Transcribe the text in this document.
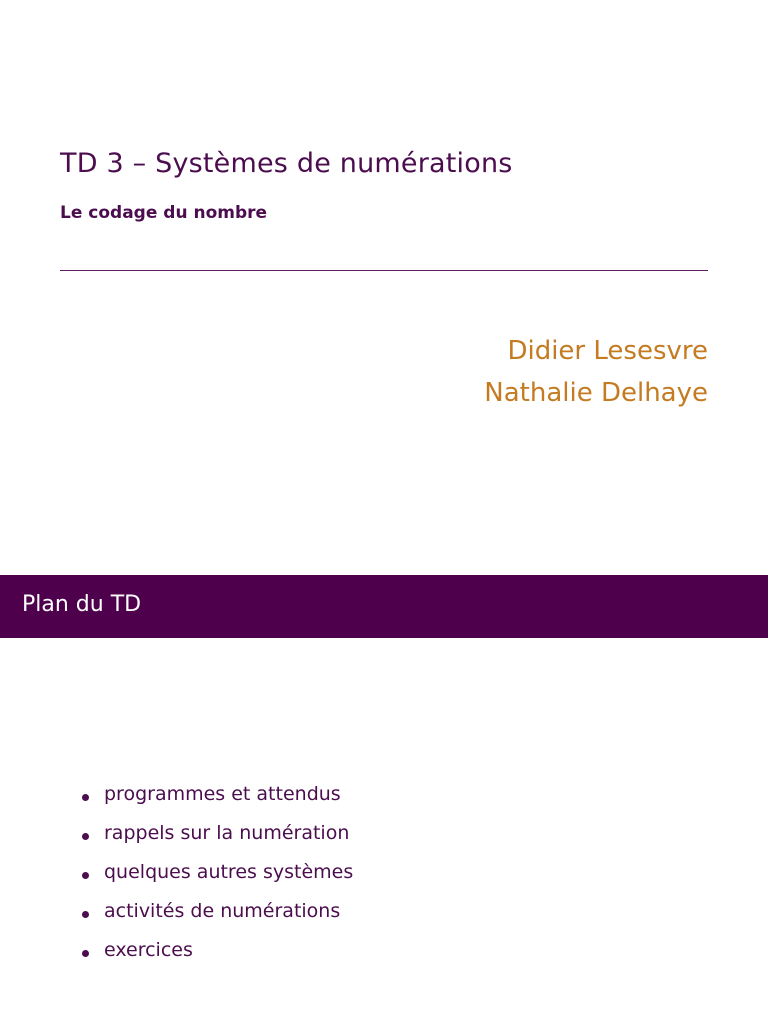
TD 3 – Systèmes de numérations
Le codage du nombre
Didier Lesesvre
Nathalie Delhaye
Plan du TD
programmes et attendus
rappels sur la numération
quelques autres systèmes
activités de numérations
exercices
